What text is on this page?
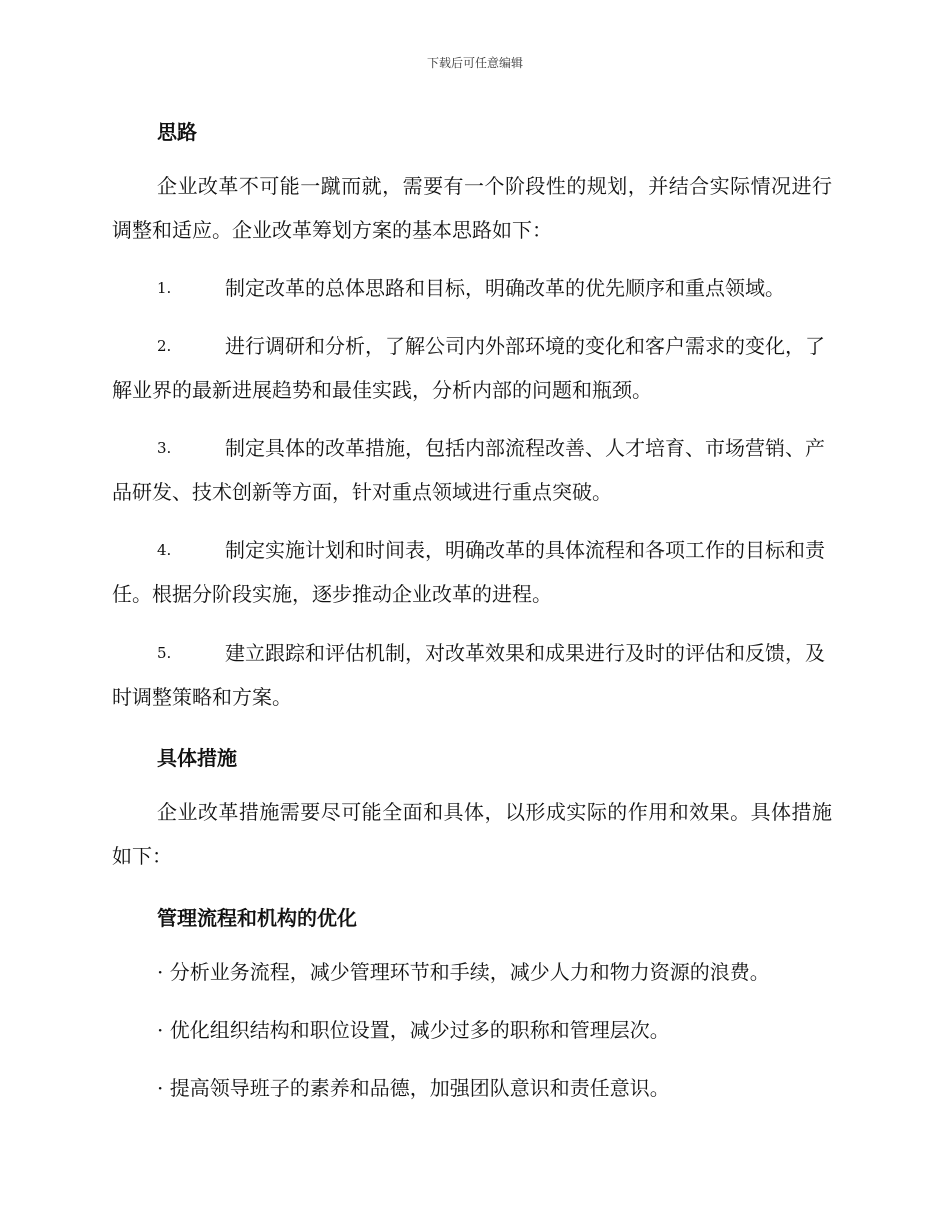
下载后可任意编辑
思路

企业改革不可能一蹴而就，需要有一个阶段性的规划，并结合实际情况进行调整和适应。企业改革筹划方案的基本思路如下：

1.	制定改革的总体思路和目标，明确改革的优先顺序和重点领域。

2.	进行调研和分析，了解公司内外部环境的变化和客户需求的变化，了解业界的最新进展趋势和最佳实践，分析内部的问题和瓶颈。

3.	制定具体的改革措施，包括内部流程改善、人才培育、市场营销、产品研发、技术创新等方面，针对重点领域进行重点突破。

4.	制定实施计划和时间表，明确改革的具体流程和各项工作的目标和责任。根据分阶段实施，逐步推动企业改革的进程。

5.	建立跟踪和评估机制，对改革效果和成果进行及时的评估和反馈，及时调整策略和方案。

具体措施

企业改革措施需要尽可能全面和具体，以形成实际的作用和效果。具体措施如下：

管理流程和机构的优化
· 分析业务流程，减少管理环节和手续，减少人力和物力资源的浪费。
· 优化组织结构和职位设置，减少过多的职称和管理层次。
· 提高领导班子的素养和品德，加强团队意识和责任意识。
